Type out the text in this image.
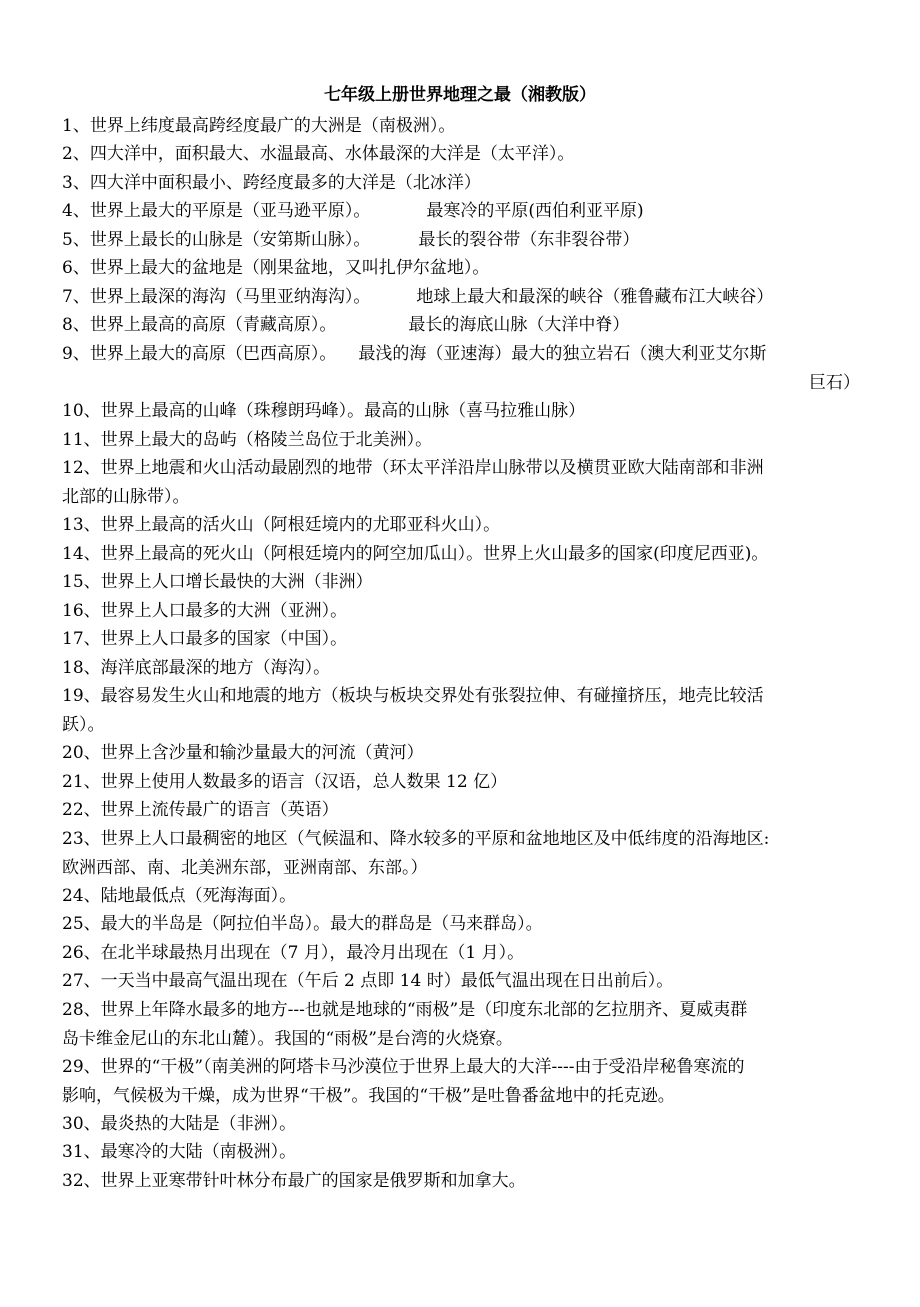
七年级上册世界地理之最（湘教版）
1、世界上纬度最高跨经度最广的大洲是（南极洲）。
2、四大洋中，面积最大、水温最高、水体最深的大洋是（太平洋）。
3、四大洋中面积最小、跨经度最多的大洋是（北冰洋）
4、世界上最大的平原是（亚马逊平原）。	最寒冷的平原(西伯利亚平原)
5、世界上最长的山脉是（安第斯山脉）。	最长的裂谷带（东非裂谷带）
6、世界上最大的盆地是（刚果盆地，又叫扎伊尔盆地）。
7、世界上最深的海沟（马里亚纳海沟）。	地球上最大和最深的峡谷（雅鲁藏布江大峡谷）
8、世界上最高的高原（青藏高原）。	最长的海底山脉（大洋中脊）
9、世界上最大的高原（巴西高原）。 最浅的海（亚速海）最大的独立岩石（澳大利亚艾尔斯
巨石）
10、世界上最高的山峰（珠穆朗玛峰）。最高的山脉（喜马拉雅山脉）
11、世界上最大的岛屿（格陵兰岛位于北美洲）。
12、世界上地震和火山活动最剧烈的地带（环太平洋沿岸山脉带以及横贯亚欧大陆南部和非洲
北部的山脉带）。
13、世界上最高的活火山（阿根廷境内的尤耶亚科火山）。
14、世界上最高的死火山（阿根廷境内的阿空加瓜山）。世界上火山最多的国家(印度尼西亚)。
15、世界上人口增长最快的大洲（非洲）
16、世界上人口最多的大洲（亚洲）。
17、世界上人口最多的国家（中国）。
18、海洋底部最深的地方（海沟）。
19、最容易发生火山和地震的地方（板块与板块交界处有张裂拉伸、有碰撞挤压，地壳比较活
跃）。
20、世界上含沙量和输沙量最大的河流（黄河）
21、世界上使用人数最多的语言（汉语，总人数果 12 亿）
22、世界上流传最广的语言（英语）
23、世界上人口最稠密的地区（气候温和、降水较多的平原和盆地地区及中低纬度的沿海地区:
欧洲西部、南、北美洲东部，亚洲南部、东部。）
24、陆地最低点（死海海面）。
25、最大的半岛是（阿拉伯半岛）。最大的群岛是（马来群岛）。
26、在北半球最热月出现在（7 月），最冷月出现在（1 月）。
27、一天当中最高气温出现在（午后 2 点即 14 时）最低气温出现在日出前后）。
28、世界上年降水最多的地方---也就是地球的“雨极”是（印度东北部的乞拉朋齐、夏威夷群
岛卡维金尼山的东北山麓）。我国的“雨极”是台湾的火烧寮。
29、世界的“干极”（南美洲的阿塔卡马沙漠位于世界上最大的大洋----由于受沿岸秘鲁寒流的
影响，气候极为干燥，成为世界“干极”。我国的“干极”是吐鲁番盆地中的托克逊。
30、最炎热的大陆是（非洲）。
31、最寒冷的大陆（南极洲）。
32、世界上亚寒带针叶林分布最广的国家是俄罗斯和加拿大。
